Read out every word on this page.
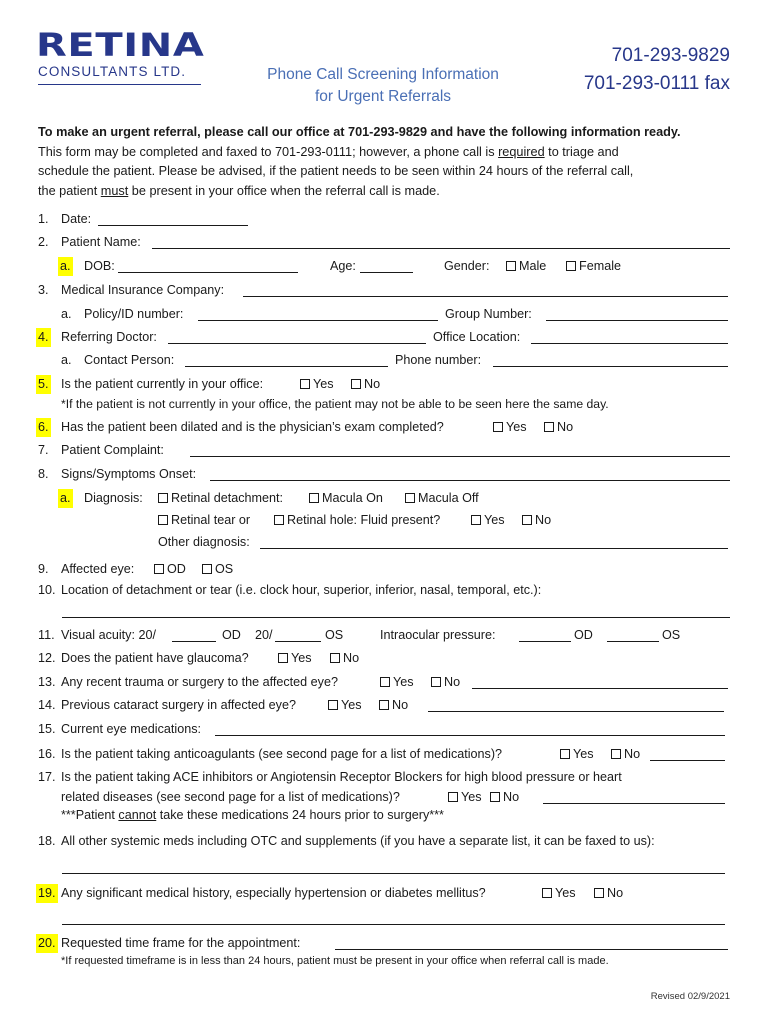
RETINA
CONSULTANTS LTD.	Phone Call Screening Information
for Urgent Referrals
701-293-9829
701-293-0111 fax

To make an urgent referral, please call our office at 701-293-9829 and have the following information ready.

This form may be completed and faxed to 701-293-0111; however, a phone call is required to triage and

schedule the patient. Please be advised, if the patient needs to be seen within 24 hours of the referral call,

the patient must be present in your office when the referral call is made.

1. Date:
2. Patient Name:
a. DOB:	Age:	Gender:	Male	Female
3. Medical Insurance Company:
a. Policy/ID number:	Group Number:
4. Referring Doctor:	Office Location:
a. Contact Person:	Phone number:
5. Is the patient currently in your office:	Yes	No
*If the patient is not currently in your office, the patient may not be able to be seen here the same day.
6. Has the patient been dilated and is the physician’s exam completed?	Yes	No
7. Patient Complaint:
8. Signs/Symptoms Onset:
a. Diagnosis:	Retinal detachment:	Macula On	Macula Off
Retinal tear or	Retinal hole: Fluid present?	Yes	No
Other diagnosis:
9. Affected eye:	OD	OS
10. Location of detachment or tear (i.e. clock hour, superior, inferior, nasal, temporal, etc.):
11. Visual acuity: 20/	OD 20/	OS	Intraocular pressure:	OD	OS
12. Does the patient have glaucoma?	Yes	No
13. Any recent trauma or surgery to the affected eye?	Yes	No
14. Previous cataract surgery in affected eye?	Yes	No
15. Current eye medications:
16. Is the patient taking anticoagulants (see second page for a list of medications)?	Yes	No
17. Is the patient taking ACE inhibitors or Angiotensin Receptor Blockers for high blood pressure or heart
related diseases (see second page for a list of medications)?	Yes	No
***Patient cannot take these medications 24 hours prior to surgery***
18. All other systemic meds including OTC and supplements (if you have a separate list, it can be faxed to us):
19. Any significant medical history, especially hypertension or diabetes mellitus?	Yes	No
20. Requested time frame for the appointment:
*If requested timeframe is in less than 24 hours, patient must be present in your office when referral call is made.
Revised 02/9/2021
